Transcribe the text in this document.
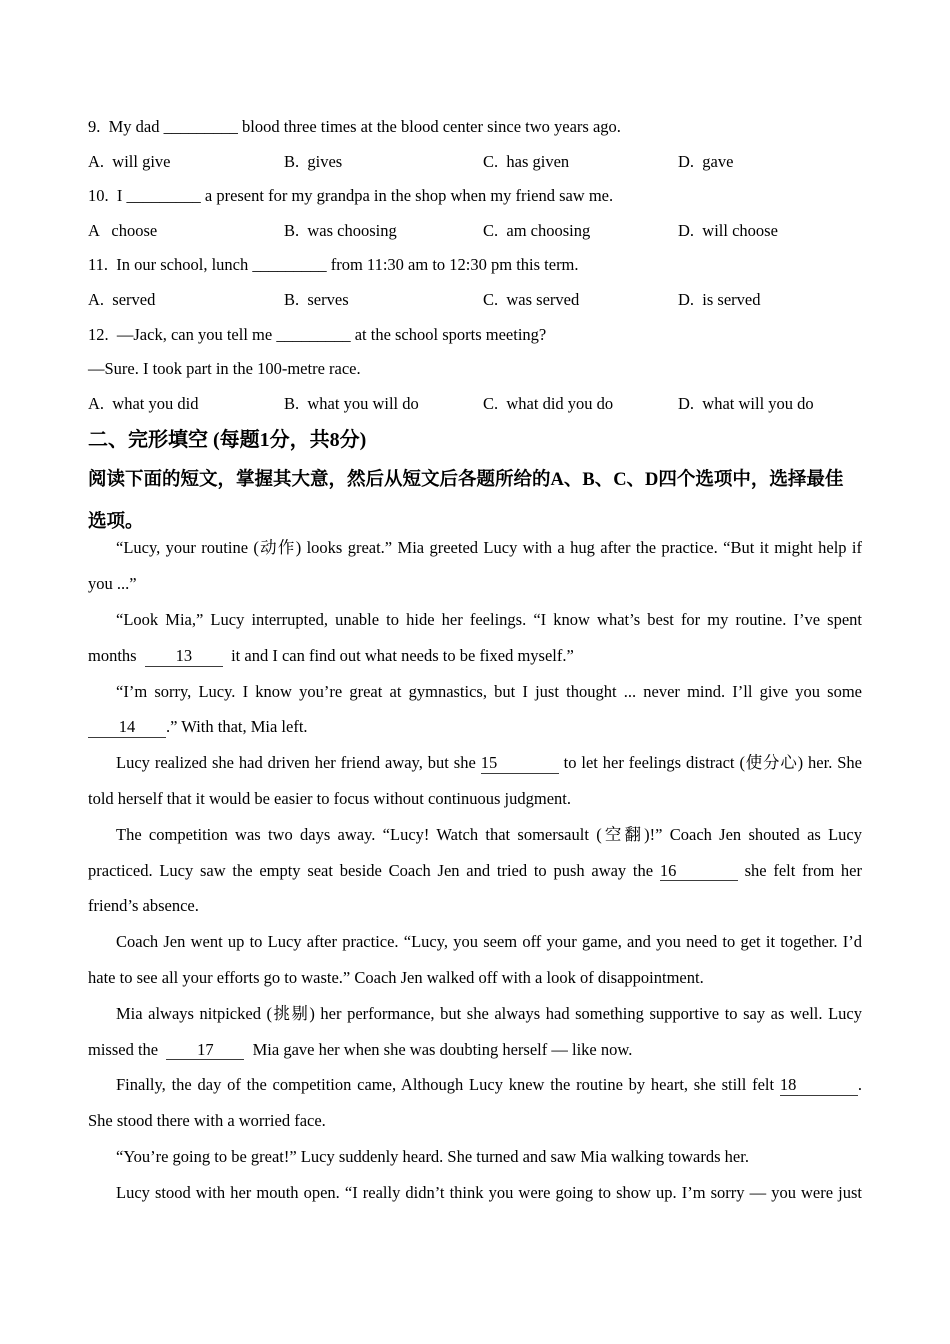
9.  My dad _________ blood three times at the blood center since two years ago.
A.  will give	B.  gives	C.  has given	D.  gave
10.  I _________ a present for my grandpa in the shop when my friend saw me.
A   choose	B.  was choosing	C.  am choosing	D.  will choose
11.  In our school, lunch _________ from 11:30 am to 12:30 pm this term.
A.  served	B.  serves	C.  was served	D.  is served
12.  —Jack, can you tell me _________ at the school sports meeting?
—Sure. I took part in the 100-metre race.
A.  what you did	B.  what you will do	C.  what did you do	D.  what will you do
二、完形填空 (每题1分，共8分)
阅读下面的短文，掌握其大意，然后从短文后各题所给的A、B、C、D四个选项中，选择最佳
选项。
“Lucy, your routine (动作) looks great.” Mia greeted Lucy with a hug after the practice. “But it might help if
you ...”
“Look Mia,” Lucy interrupted, unable to hide her feelings. “I know what’s best for my routine. I’ve spent
months  13  it and I can find out what needs to be fixed myself.”
“I’m sorry, Lucy. I know you’re great at gymnastics, but I just thought ... never mind. I’ll give you some
14 .” With that, Mia left.
Lucy realized she had driven her friend away, but she 15	to let her feelings distract (使分心) her. She
told herself that it would be easier to focus without continuous judgment.
The competition was two days away. “Lucy! Watch that somersault (空翻)!” Coach Jen shouted as Lucy
practiced. Lucy saw the empty seat beside Coach Jen and tried to push away the 16	she felt from her
friend’s absence.
Coach Jen went up to Lucy after practice. “Lucy, you seem off your game, and you need to get it together. I’d
hate to see all your efforts go to waste.” Coach Jen walked off with a look of disappointment.
Mia always nitpicked (挑剔) her performance, but she always had something supportive to say as well. Lucy
missed the  17  Mia gave her when she was doubting herself — like now.
Finally, the day of the competition came, Although Lucy knew the routine by heart, she still felt 18	.
She stood there with a worried face.
“You’re going to be great!” Lucy suddenly heard. She turned and saw Mia walking towards her.
Lucy stood with her mouth open. “I really didn’t think you were going to show up. I’m sorry — you were just
